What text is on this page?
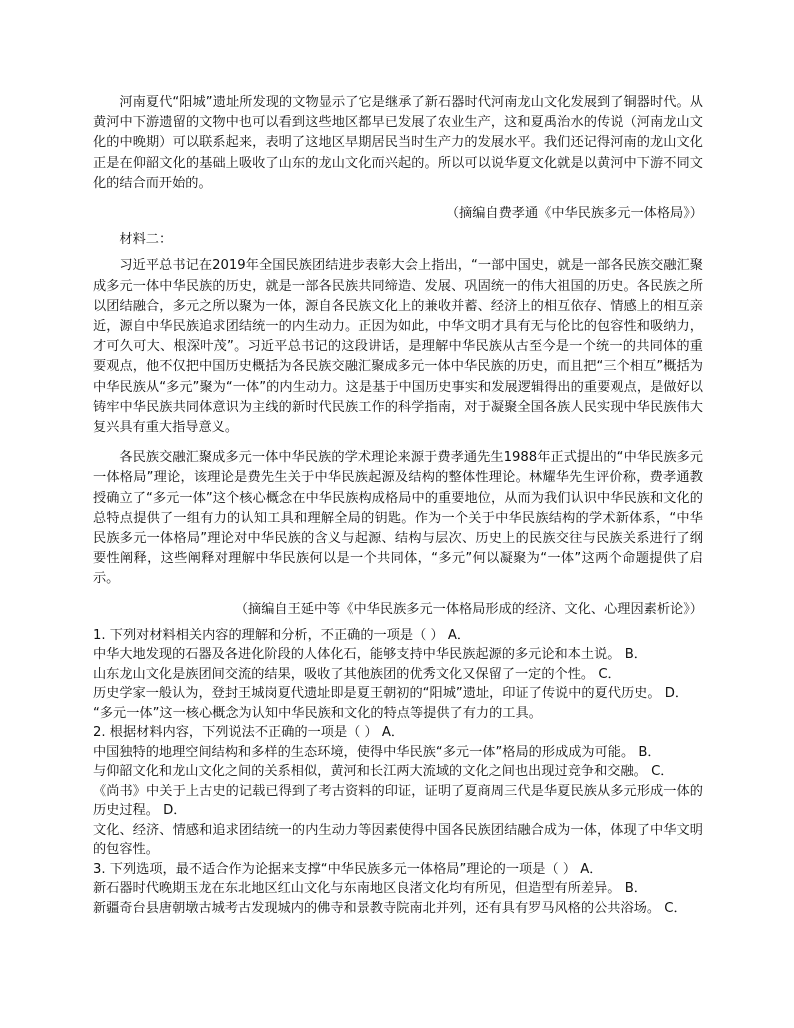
河南夏代“阳城”遗址所发现的文物显示了它是继承了新石器时代河南龙山文化发展到了铜器时代。从黄河中下游遗留的文物中也可以看到这些地区都早已发展了农业生产，这和夏禹治水的传说（河南龙山文化的中晚期）可以联系起来，表明了这地区早期居民当时生产力的发展水平。我们还记得河南的龙山文化正是在仰韶文化的基础上吸收了山东的龙山文化而兴起的。所以可以说华夏文化就是以黄河中下游不同文化的结合而开始的。

（摘编自费孝通《中华民族多元一体格局》）

材料二：

习近平总书记在2019年全国民族团结进步表彰大会上指出，“一部中国史，就是一部各民族交融汇聚成多元一体中华民族的历史，就是一部各民族共同缔造、发展、巩固统一的伟大祖国的历史。各民族之所以团结融合，多元之所以聚为一体，源自各民族文化上的兼收并蓄、经济上的相互依存、情感上的相互亲近，源自中华民族追求团结统一的内生动力。正因为如此，中华文明才具有无与伦比的包容性和吸纳力，才可久可大、根深叶茂”。习近平总书记的这段讲话，是理解中华民族从古至今是一个统一的共同体的重要观点，他不仅把中国历史概括为各民族交融汇聚成多元一体中华民族的历史，而且把“三个相互”概括为中华民族从“多元”聚为“一体”的内生动力。这是基于中国历史事实和发展逻辑得出的重要观点，是做好以铸牢中华民族共同体意识为主线的新时代民族工作的科学指南，对于凝聚全国各族人民实现中华民族伟大复兴具有重大指导意义。

各民族交融汇聚成多元一体中华民族的学术理论来源于费孝通先生1988年正式提出的“中华民族多元一体格局”理论，该理论是费先生关于中华民族起源及结构的整体性理论。林耀华先生评价称，费孝通教授确立了“多元一体”这个核心概念在中华民族构成格局中的重要地位，从而为我们认识中华民族和文化的总特点提供了一组有力的认知工具和理解全局的钥匙。作为一个关于中华民族结构的学术新体系，“中华民族多元一体格局”理论对中华民族的含义与起源、结构与层次、历史上的民族交往与民族关系进行了纲要性阐释，这些阐释对理解中华民族何以是一个共同体，“多元”何以凝聚为“一体”这两个命题提供了启示。

（摘编自王延中等《中华民族多元一体格局形成的经济、文化、心理因素析论》）

1. 下列对材料相关内容的理解和分析，不正确的一项是（ ） A．

中华大地发现的石器及各进化阶段的人体化石，能够支持中华民族起源的多元论和本土说。 B．

山东龙山文化是族团间交流的结果，吸收了其他族团的优秀文化又保留了一定的个性。 C．

历史学家一般认为，登封王城岗夏代遗址即是夏王朝初的“阳城”遗址，印证了传说中的夏代历史。 D．

“多元一体”这一核心概念为认知中华民族和文化的特点等提供了有力的工具。

2. 根据材料内容，下列说法不正确的一项是（ ） A．

中国独特的地理空间结构和多样的生态环境，使得中华民族“多元一体”格局的形成成为可能。 B．

与仰韶文化和龙山文化之间的关系相似，黄河和长江两大流域的文化之间也出现过竞争和交融。 C．

《尚书》中关于上古史的记载已得到了考古资料的印证，证明了夏商周三代是华夏民族从多元形成一体的历史过程。 D．

文化、经济、情感和追求团结统一的内生动力等因素使得中国各民族团结融合成为一体，体现了中华文明的包容性。

3. 下列选项，最不适合作为论据来支撑“中华民族多元一体格局”理论的一项是（ ） A．

新石器时代晚期玉龙在东北地区红山文化与东南地区良渚文化均有所见，但造型有所差异。 B．

新疆奇台县唐朝墩古城考古发现城内的佛寺和景教寺院南北并列，还有具有罗马风格的公共浴场。 C．
